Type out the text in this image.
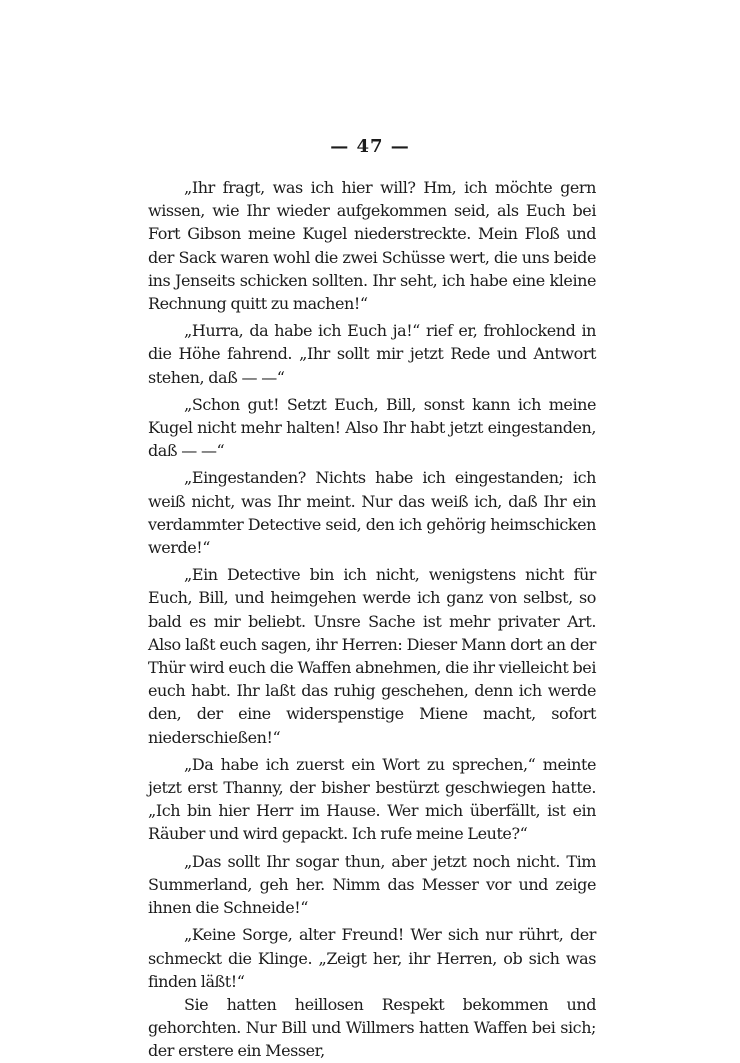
— 47 —

„Ihr fragt, was ich hier will? Hm, ich möchte gern wissen, wie Ihr wieder aufgekommen seid, als Euch bei Fort Gibson meine Kugel niederstreckte. Mein Floß und der Sack waren wohl die zwei Schüsse wert, die uns beide ins Jenseits schicken sollten. Ihr seht, ich habe eine kleine Rechnung quitt zu machen!“

„Hurra, da habe ich Euch ja!“ rief er, frohlockend in die Höhe fahrend. „Ihr sollt mir jetzt Rede und Antwort stehen, daß — —“

„Schon gut! Setzt Euch, Bill, sonst kann ich meine Kugel nicht mehr halten! Also Ihr habt jetzt eingestanden, daß — —“

„Eingestanden? Nichts habe ich eingestanden; ich weiß nicht, was Ihr meint. Nur das weiß ich, daß Ihr ein verdammter Detective seid, den ich gehörig heimschicken werde!“

„Ein Detective bin ich nicht, wenigstens nicht für Euch, Bill, und heimgehen werde ich ganz von selbst, so bald es mir beliebt. Unsre Sache ist mehr privater Art. Also laßt euch sagen, ihr Herren: Dieser Mann dort an der Thür wird euch die Waffen abnehmen, die ihr vielleicht bei euch habt. Ihr laßt das ruhig geschehen, denn ich werde den, der eine widerspenstige Miene macht, sofort niederschießen!“

„Da habe ich zuerst ein Wort zu sprechen,“ meinte jetzt erst Thanny, der bisher bestürzt geschwiegen hatte. „Ich bin hier Herr im Hause. Wer mich überfällt, ist ein Räuber und wird gepackt. Ich rufe meine Leute?“

„Das sollt Ihr sogar thun, aber jetzt noch nicht. Tim Summerland, geh her. Nimm das Messer vor und zeige ihnen die Schneide!“

„Keine Sorge, alter Freund! Wer sich nur rührt, der schmeckt die Klinge. „Zeigt her, ihr Herren, ob sich was finden läßt!“

Sie hatten heillosen Respekt bekommen und gehorchten. Nur Bill und Willmers hatten Waffen bei sich; der erstere ein Messer,
